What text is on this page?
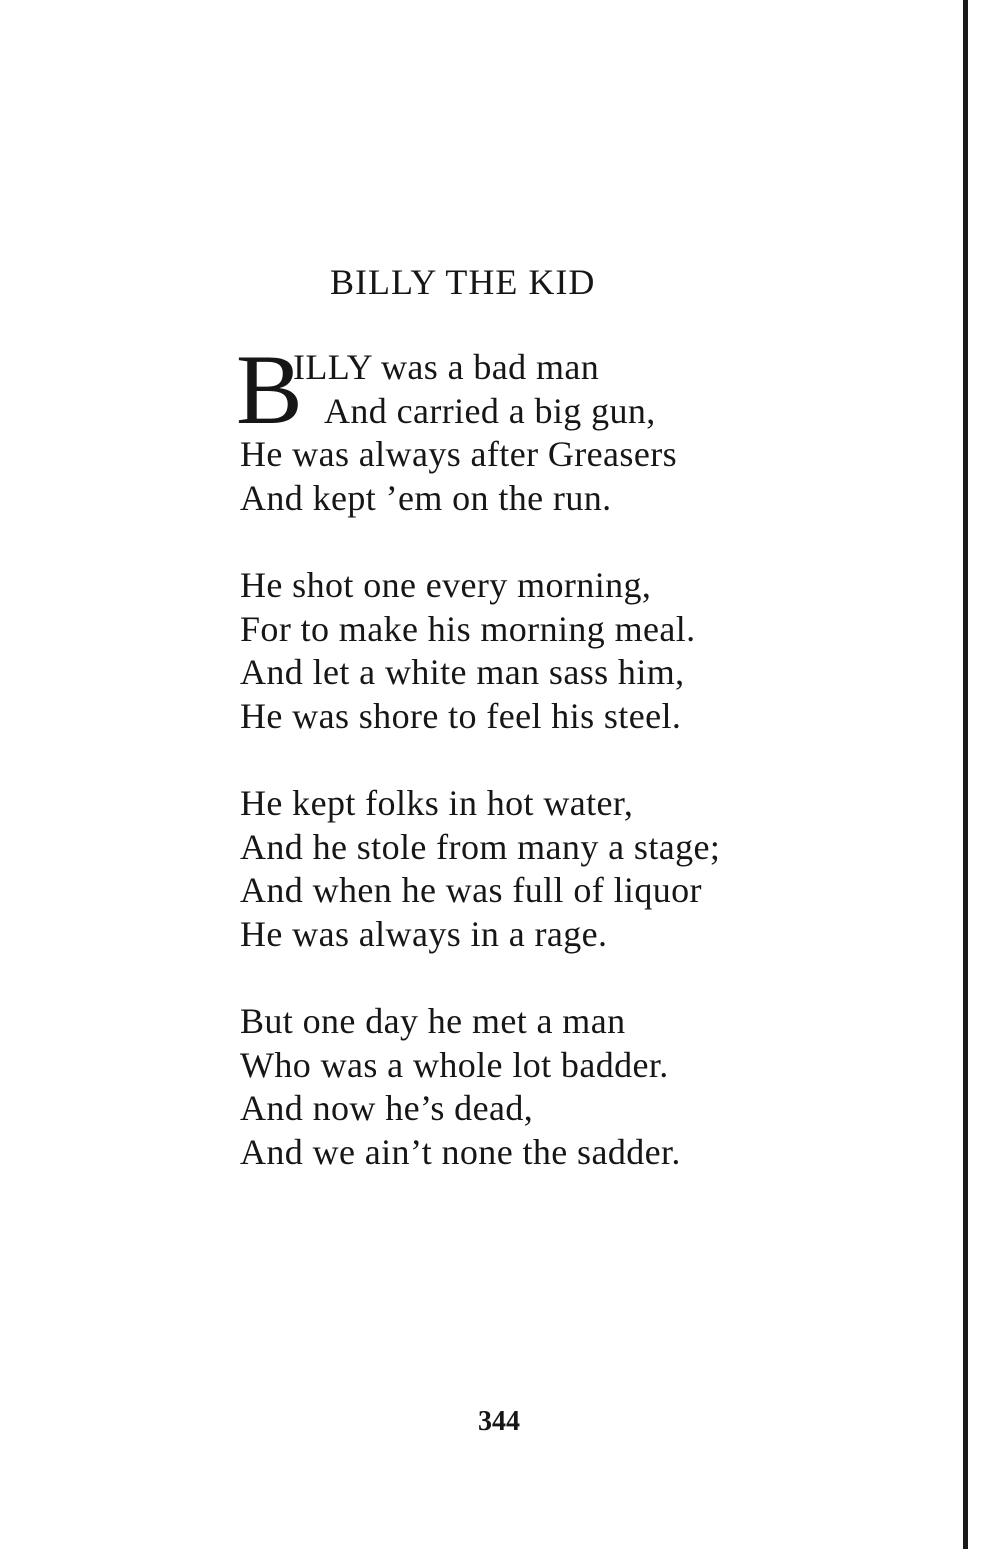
BILLY THE KID
B
ILLY was a bad man
And carried a big gun,
He was always after Greasers
And kept ’em on the run.
He shot one every morning,
For to make his morning meal.
And let a white man sass him,
He was shore to feel his steel.
He kept folks in hot water,
And he stole from many a stage;
And when he was full of liquor
He was always in a rage.
But one day he met a man
Who was a whole lot badder.
And now he’s dead,
And we ain’t none the sadder.
344
